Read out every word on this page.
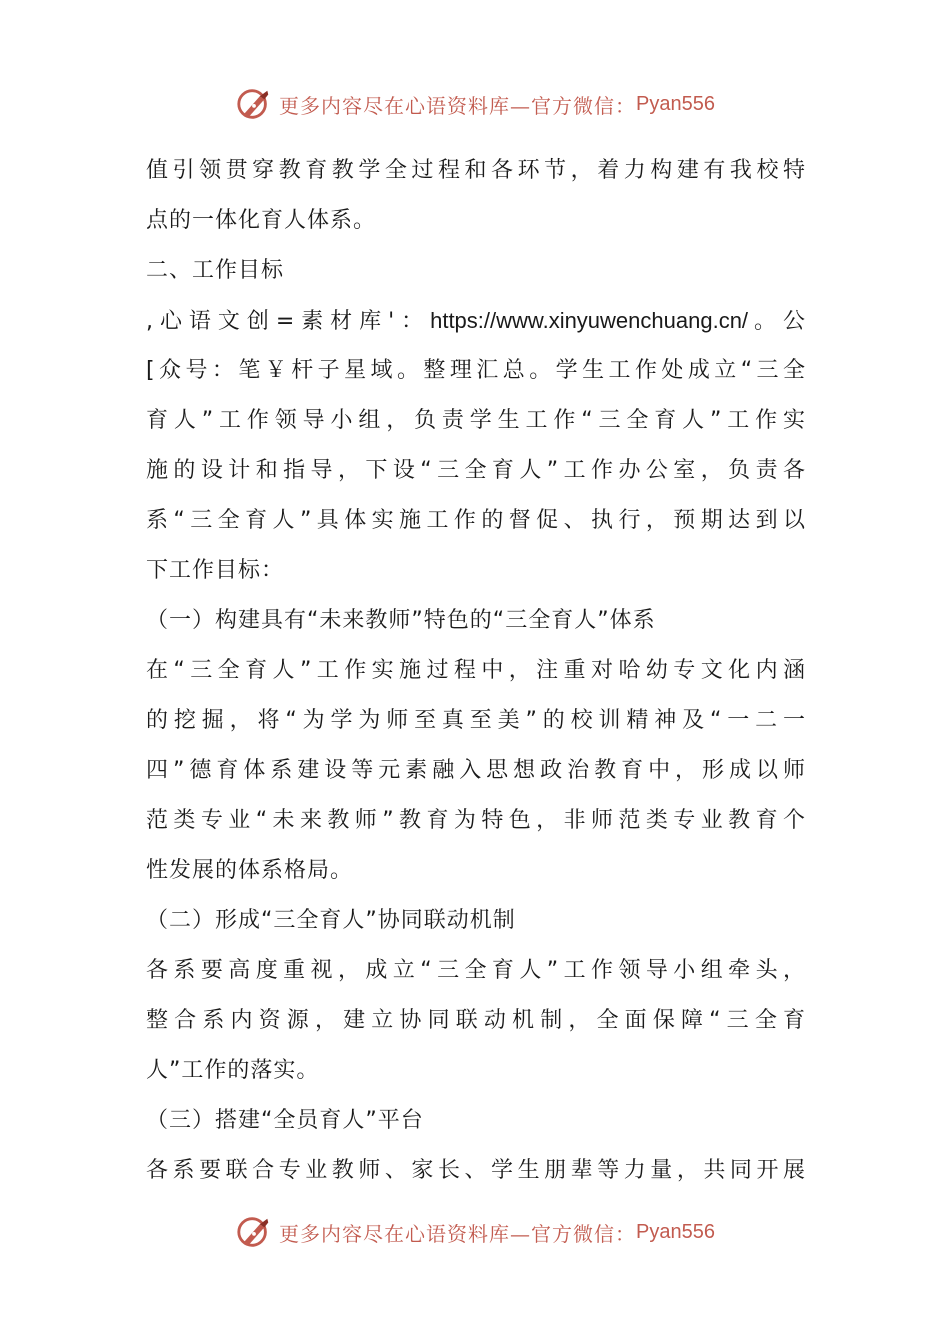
更多内容尽在心语资料库—官方微信： Pyan556
值引领贯穿教育教学全过程和各环节，着力构建有我校特
点的一体化育人体系。
二、工作目标
,心语文创=素材库'：https://www.xinyuwenchuang.cn/。公
[众号：笔￥杆子星域。整理汇总。学生工作处成立“三全
育人”工作领导小组，负责学生工作“三全育人”工作实
施的设计和指导，下设“三全育人”工作办公室，负责各
系“三全育人”具体实施工作的督促、执行，预期达到以
下工作目标：
（一）构建具有“未来教师”特色的“三全育人”体系
在“三全育人”工作实施过程中，注重对哈幼专文化内涵
的挖掘，将“为学为师至真至美”的校训精神及“一二一
四”德育体系建设等元素融入思想政治教育中，形成以师
范类专业“未来教师”教育为特色，非师范类专业教育个
性发展的体系格局。
（二）形成“三全育人”协同联动机制
各系要高度重视，成立“三全育人”工作领导小组牵头，
整合系内资源，建立协同联动机制，全面保障“三全育
人”工作的落实。
（三）搭建“全员育人”平台
各系要联合专业教师、家长、学生朋辈等力量，共同开展
更多内容尽在心语资料库—官方微信： Pyan556
